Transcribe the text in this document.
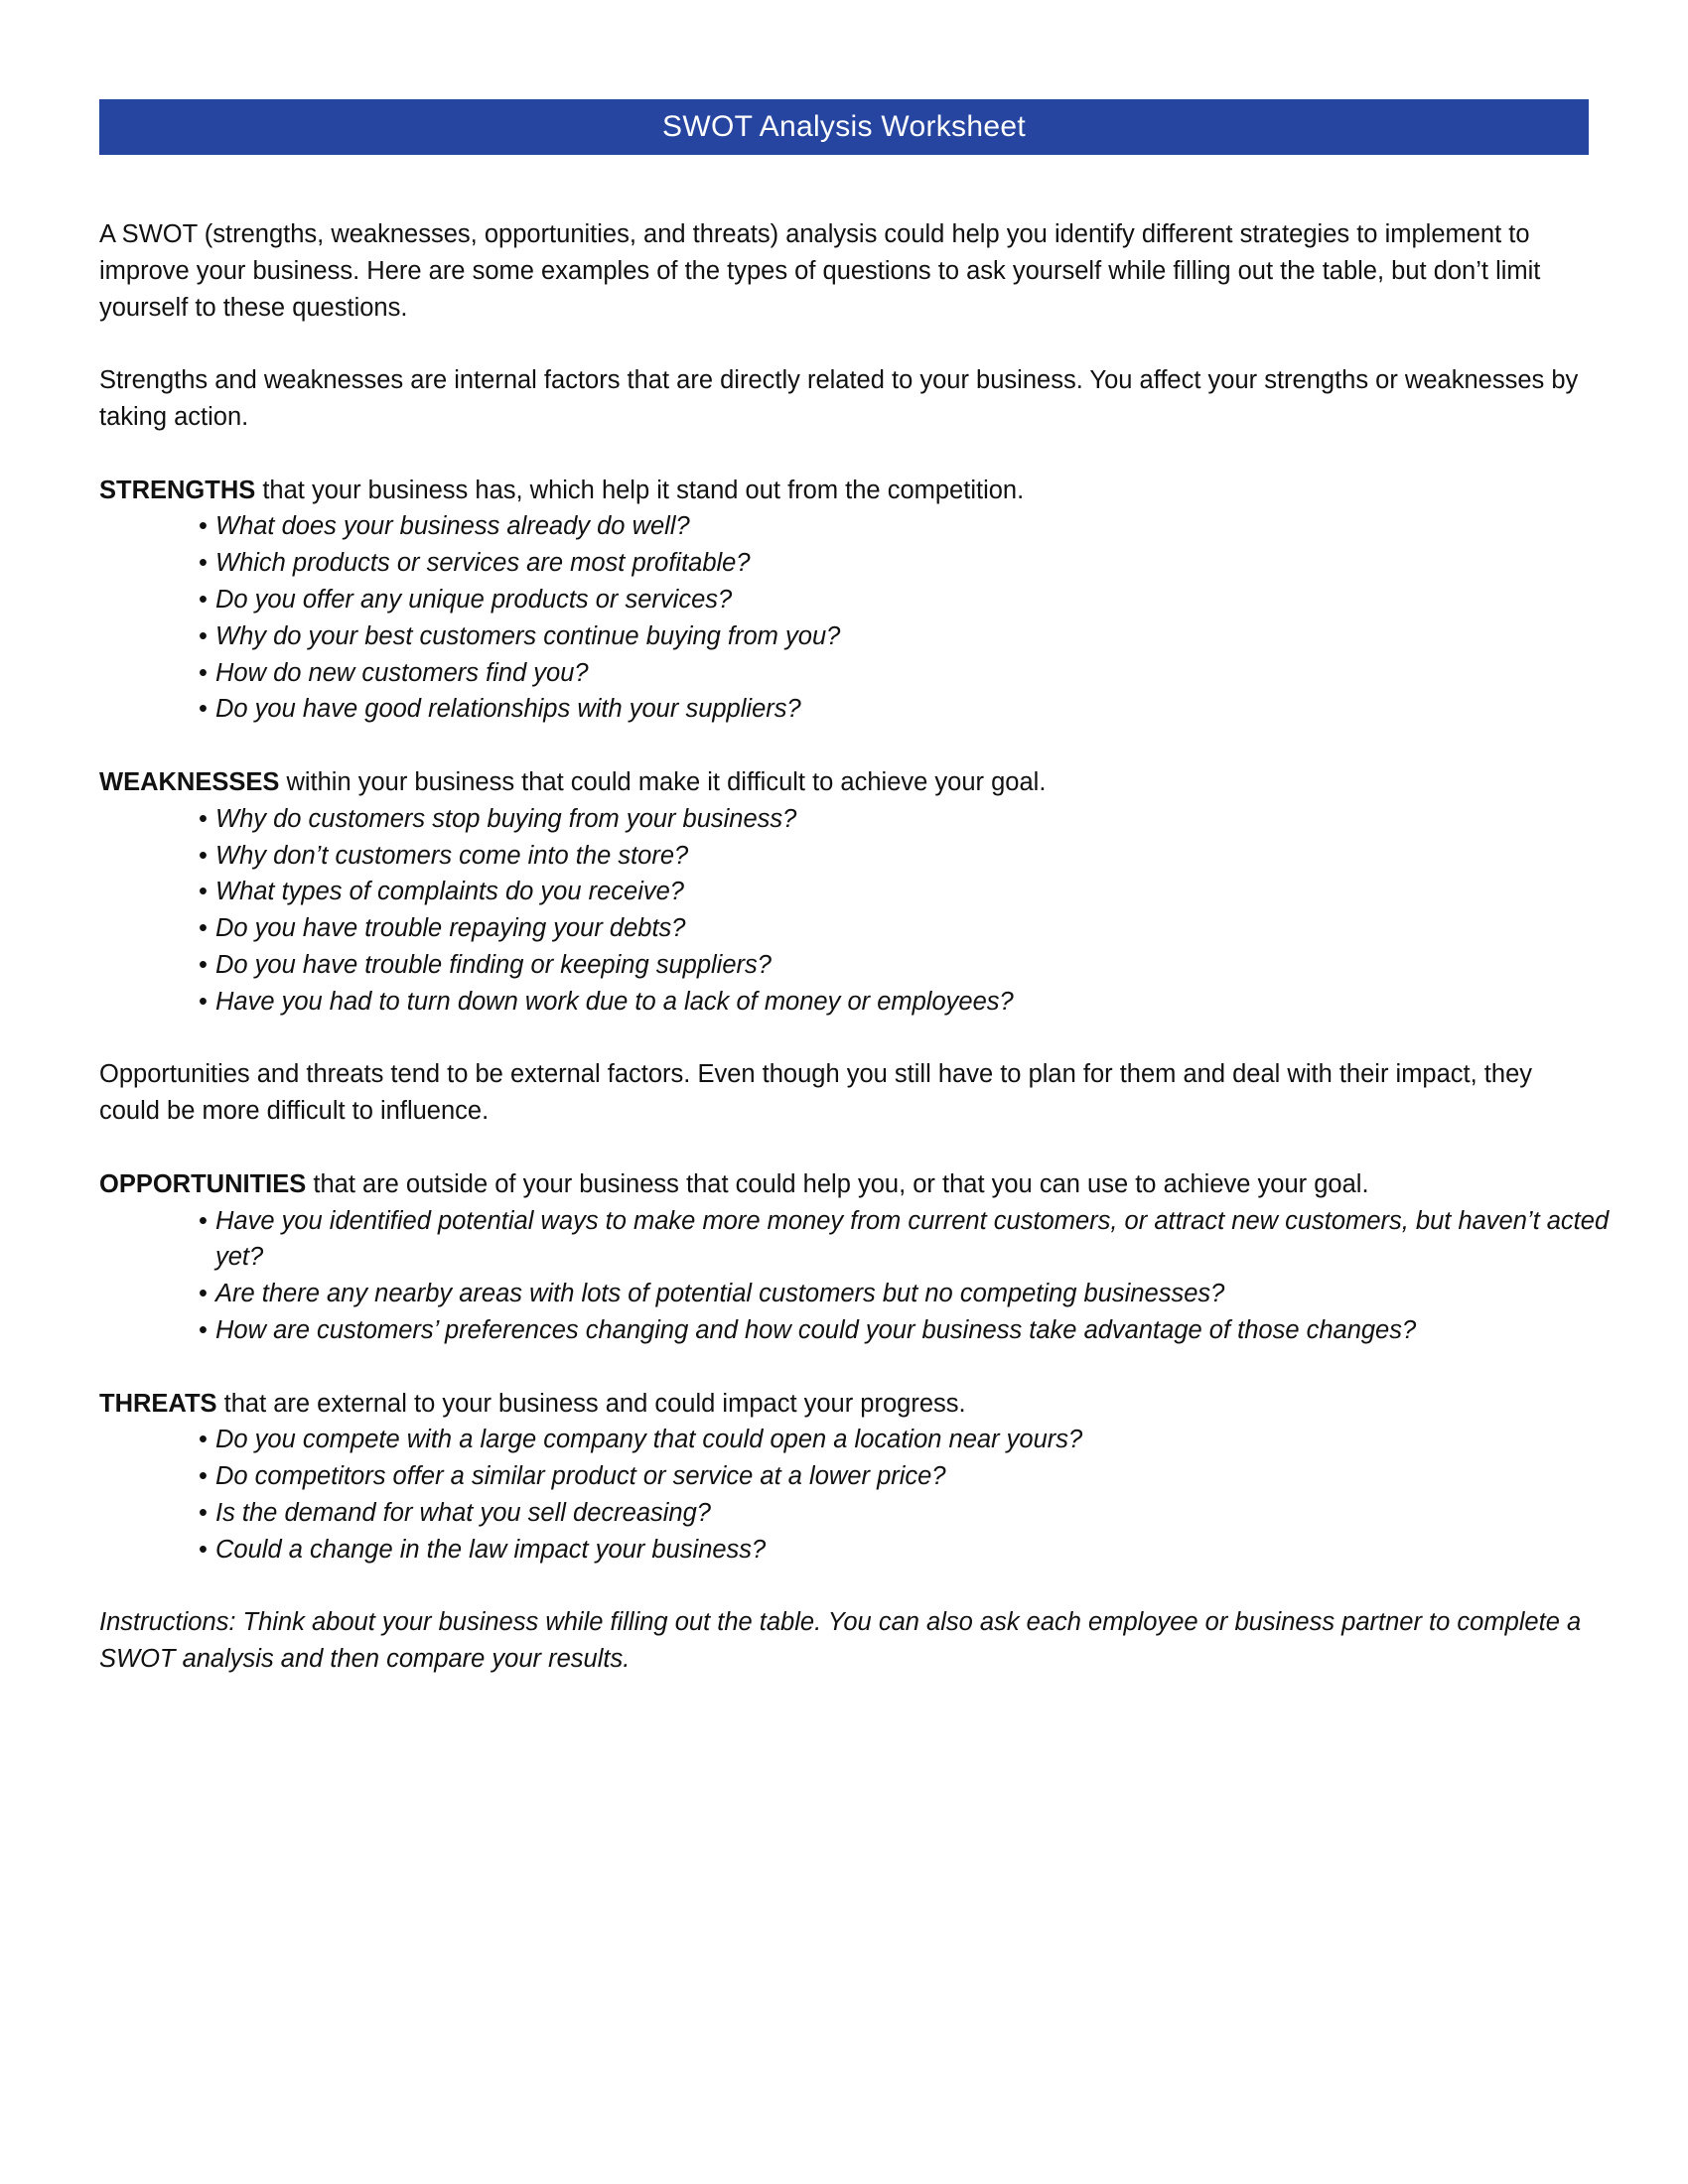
SWOT Analysis Worksheet

A SWOT (strengths, weaknesses, opportunities, and threats) analysis could help you identify different strategies to implement to improve your business. Here are some examples of the types of questions to ask yourself while filling out the table, but don’t limit yourself to these questions.

Strengths and weaknesses are internal factors that are directly related to your business. You affect your strengths or weaknesses by taking action.

STRENGTHS that your business has, which help it stand out from the competition.

• What does your business already do well?
• Which products or services are most profitable?
• Do you offer any unique products or services?
• Why do your best customers continue buying from you?
• How do new customers find you?
• Do you have good relationships with your suppliers?

WEAKNESSES within your business that could make it difficult to achieve your goal.

• Why do customers stop buying from your business?
• Why don’t customers come into the store?
• What types of complaints do you receive?
• Do you have trouble repaying your debts?
• Do you have trouble finding or keeping suppliers?
• Have you had to turn down work due to a lack of money or employees?

Opportunities and threats tend to be external factors. Even though you still have to plan for them and deal with their impact, they could be more difficult to influence.

OPPORTUNITIES that are outside of your business that could help you, or that you can use to achieve your goal.

• Have you identified potential ways to make more money from current customers, or attract new customers, but haven’t acted yet?
• Are there any nearby areas with lots of potential customers but no competing businesses?
• How are customers’ preferences changing and how could your business take advantage of those changes?

THREATS that are external to your business and could impact your progress.

• Do you compete with a large company that could open a location near yours?
• Do competitors offer a similar product or service at a lower price?
• Is the demand for what you sell decreasing?
• Could a change in the law impact your business?

Instructions: Think about your business while filling out the table. You can also ask each employee or business partner to complete a SWOT analysis and then compare your results.
